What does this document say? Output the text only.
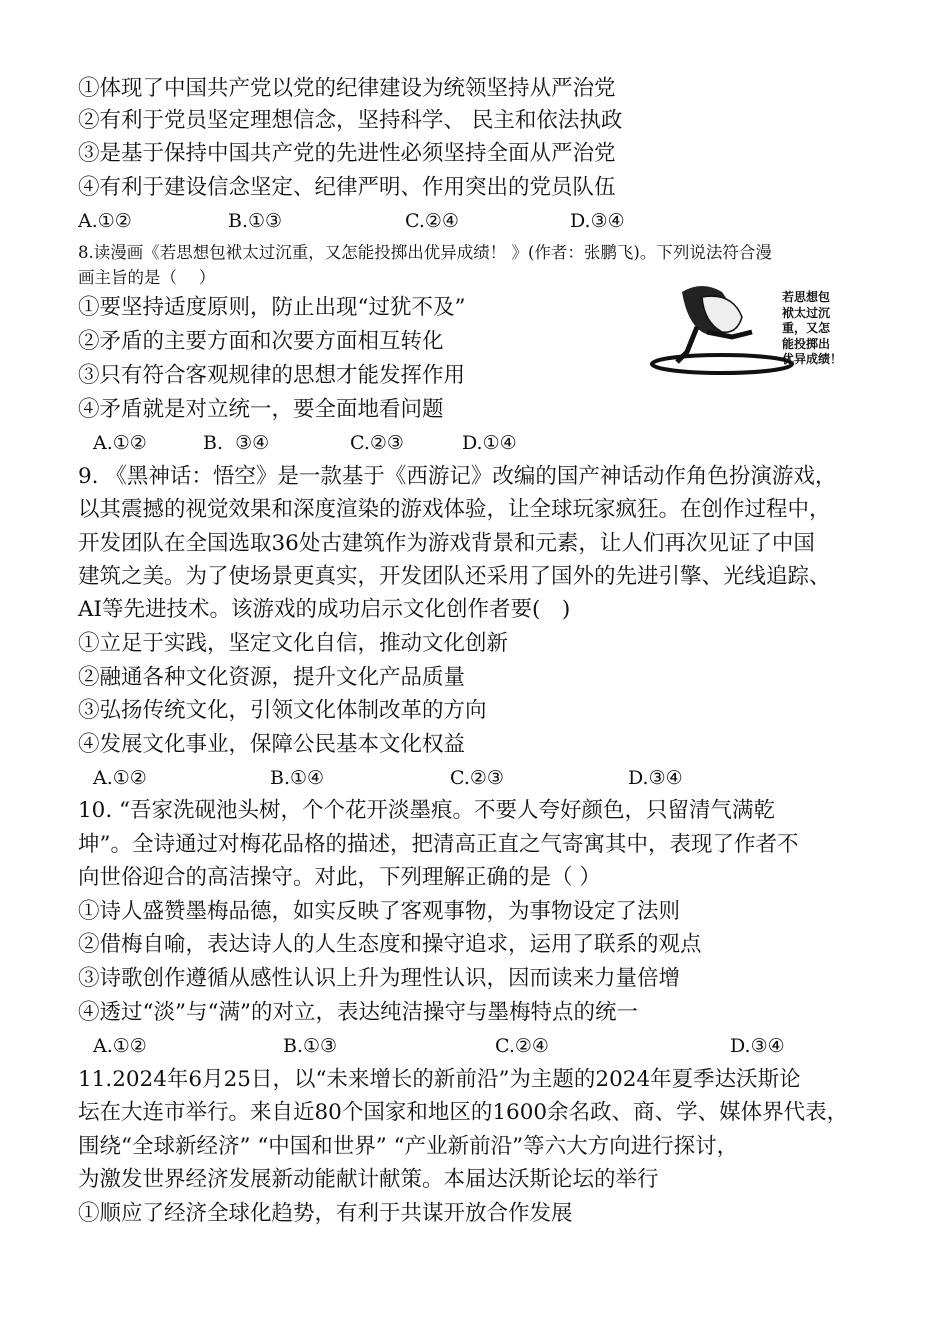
①体现了中国共产党以党的纪律建设为统领坚持从严治党
②有利于党员坚定理想信念，坚持科学、 民主和依法执政
③是基于保持中国共产党的先进性必须坚持全面从严治党
④有利于建设信念坚定、纪律严明、作用突出的党员队伍
A.①②	B.①③	C.②④	D.③④
8.读漫画《若思想包袱太过沉重，又怎能投掷出优异成绩！ 》(作者：张鹏飞)。下列说法符合漫
画主旨的是（　 ）
若思想包
袱太过沉
重，又怎
能投掷出
优异成绩！
①要坚持适度原则，防止出现“过犹不及”
②矛盾的主要方面和次要方面相互转化
③只有符合客观规律的思想才能发挥作用
④矛盾就是对立统一，要全面地看问题
A.①②	B.  ③④	C.②③	D.①④
9. 《黑神话：悟空》是一款基于《西游记》改编的国产神话动作角色扮演游戏，
以其震撼的视觉效果和深度渲染的游戏体验，让全球玩家疯狂。在创作过程中，
开发团队在全国选取36处古建筑作为游戏背景和元素，让人们再次见证了中国
建筑之美。为了使场景更真实，开发团队还采用了国外的先进引擎、光线追踪、
AI等先进技术。该游戏的成功启示文化创作者要(　)
①立足于实践，坚定文化自信，推动文化创新
②融通各种文化资源，提升文化产品质量
③弘扬传统文化，引领文化体制改革的方向
④发展文化事业，保障公民基本文化权益
A.①②	B.①④	C.②③	D.③④
10. “吾家洗砚池头树，个个花开淡墨痕。不要人夸好颜色，只留清气满乾
坤”。全诗通过对梅花品格的描述，把清高正直之气寄寓其中，表现了作者不
向世俗迎合的高洁操守。对此，下列理解正确的是（ ）
①诗人盛赞墨梅品德，如实反映了客观事物，为事物设定了法则
②借梅自喻，表达诗人的人生态度和操守追求，运用了联系的观点
③诗歌创作遵循从感性认识上升为理性认识，因而读来力量倍增
④透过“淡”与“满”的对立，表达纯洁操守与墨梅特点的统一
A.①②	B.①③	C.②④	D.③④
11.2024年6月25日，以“未来增长的新前沿”为主题的2024年夏季达沃斯论
坛在大连市举行。来自近80个国家和地区的1600余名政、商、学、媒体界代表，
围绕“全球新经济” “中国和世界” “产业新前沿”等六大方向进行探讨，
为激发世界经济发展新动能献计献策。本届达沃斯论坛的举行
①顺应了经济全球化趋势，有利于共谋开放合作发展
